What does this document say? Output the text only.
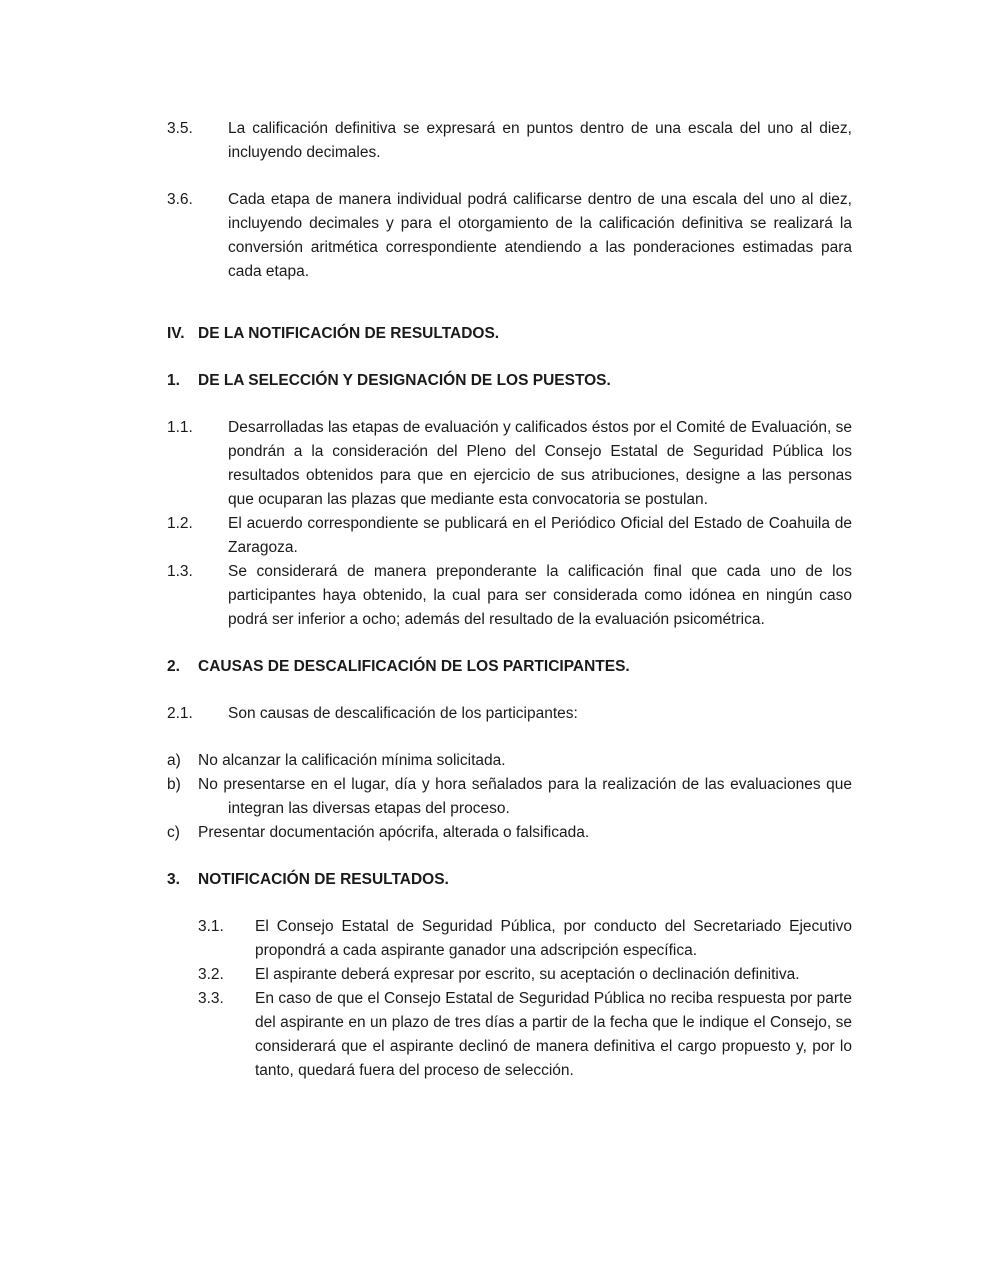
3.5.	La calificación definitiva se expresará en puntos dentro de una escala del uno al diez, incluyendo decimales.
3.6.	Cada etapa de manera individual podrá calificarse dentro de una escala del uno al diez, incluyendo decimales y para el otorgamiento de la calificación definitiva se realizará la conversión aritmética correspondiente atendiendo a las ponderaciones estimadas para cada etapa.
IV. DE LA NOTIFICACIÓN DE RESULTADOS.
1.	DE LA SELECCIÓN Y DESIGNACIÓN DE LOS PUESTOS.
1.1.	Desarrolladas las etapas de evaluación y calificados éstos por el Comité de Evaluación, se pondrán a la consideración del Pleno del Consejo Estatal de Seguridad Pública los resultados obtenidos para que en ejercicio de sus atribuciones, designe a las personas que ocuparan las plazas que mediante esta convocatoria se postulan.
1.2.	El acuerdo correspondiente se publicará en el Periódico Oficial del Estado de Coahuila de Zaragoza.
1.3.	Se considerará de manera preponderante la calificación final que cada uno de los participantes haya obtenido, la cual para ser considerada como idónea en ningún caso podrá ser inferior a ocho; además del resultado de la evaluación psicométrica.
2.	CAUSAS DE DESCALIFICACIÓN DE LOS PARTICIPANTES.
2.1.	Son causas de descalificación de los participantes:
a)	No alcanzar la calificación mínima solicitada.
b)	No presentarse en el lugar, día y hora señalados para la realización de las evaluaciones que integran las diversas etapas del proceso.
c)	Presentar documentación apócrifa, alterada o falsificada.
3.	NOTIFICACIÓN DE RESULTADOS.
3.1.	El Consejo Estatal de Seguridad Pública, por conducto del Secretariado Ejecutivo propondrá a cada aspirante ganador una adscripción específica.
3.2.	El aspirante deberá expresar por escrito, su aceptación o declinación definitiva.
3.3.	En caso de que el Consejo Estatal de Seguridad Pública no reciba respuesta por parte del aspirante en un plazo de tres días a partir de la fecha que le indique el Consejo, se considerará que el aspirante declinó de manera definitiva el cargo propuesto y, por lo tanto, quedará fuera del proceso de selección.
